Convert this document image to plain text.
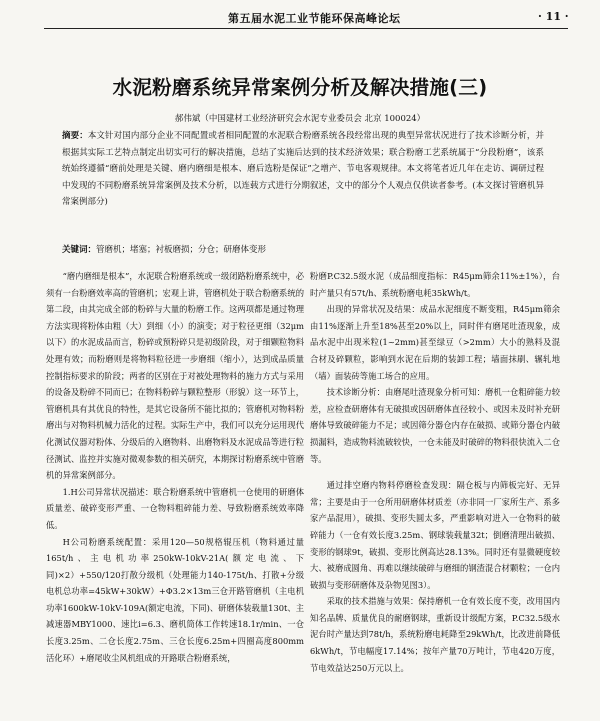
第五届水泥工业节能环保高峰论坛	· 11 ·
水泥粉磨系统异常案例分析及解决措施(三)
郝伟斌（中国建材工业经济研究会水泥专业委员会 北京 100024）
摘要：本文针对国内部分企业不同配置或者相同配置的水泥联合粉磨系统各段经常出现的典型异常状况进行了技术诊断分析，并根据其实际工艺特点制定出切实可行的解决措施，总结了实施后达到的技术经济效果；联合粉磨工艺系统属于“分段粉磨”，该系统始终遵循“磨前处理是关键、磨内磨细是根本、磨后选粉是保证”之增产、节电客观规律。本文将笔者近几年在走访、调研过程中发现的不同粉磨系统异常案例及技术分析，以连载方式进行分期叙述，文中的部分个人观点仅供读者参考。(本文探讨管磨机异常案例部分)
关键词：管磨机；堵塞；衬板磨损；分仓；研磨体变形

“磨内磨细是根本”，水泥联合粉磨系统或一级闭路粉磨系统中，必须有一台粉磨效率高的管磨机；宏观上讲，管磨机处于联合粉磨系统的第二段，由其完成全部的粉碎与大量的粉磨工作。这两项都是通过物理方法实现将粉体由粗（大）到细（小）的演变；对于粒径更细（32μm以下）的水泥成品而言，粉碎或预粉碎只是初级阶段，对于细颗粒物料处理有效；而粉磨则是将物料粒径进一步磨细（缩小），达到成品质量控制指标要求的阶段；两者的区别在于对被处理物料的施力方式与采用的设备及粉碎不同而已；在物料粉碎与颗粒整形（形貌）这一环节上，管磨机具有其优良的特性，是其它设备所不能比拟的；管磨机对物料粉磨出与对物料机械力活化的过程。实际生产中，我们可以充分运用现代化测试仪器对粉体、分级后的入磨物料、出磨物料及水泥成品等进行粒径测试、监控并实施对微观参数的相关研究，本期探讨粉磨系统中管磨机的异常案例部分。

1.H公司异常状况描述：联合粉磨系统中管磨机一仓使用的研磨体质量差、破碎变形严重、一仓物料粗碎能力差、导致粉磨系统效率降低。

H公司粉磨系统配置：采用120—50规格辊压机（物料通过量165t/h、主电机功率250kW-10kV-21A(额定电流、下同)×2）+550/120打散分级机（处理能力140-175t/h、打散+分级电机总功率=45kW+30kW）+Φ3.2×13m三仓开路管磨机（主电机功率1600kW-10kV-109A(额定电流，下同)、研磨体装载量130t、主减速器MBY1000、速比i=6.3、磨机筒体工作转速18.1r/min、一仓长度3.25m、二仓长度2.75m、三仓长度6.25m+四圈高度800mm活化环）+磨尾收尘风机组成的开路联合粉磨系统，

粉磨P.C32.5级水泥（成品细度指标：R45μm筛余11%±1%），台时产量只有57t/h、系统粉磨电耗35kWh/t。

出现的异常状况及结果：成品水泥细度不断变粗，R45μm筛余由11%逐渐上升至18%甚至20%以上，同时伴有磨尾吐渣现象，成品水泥中出现米粒(1~2mm)甚至绿豆（>2mm）大小的熟料及混合材及碎颗粒，影响到水泥在后期的装卸工程；墙面抹刷、辗轧地（墙）面装砖等施工场合的应用。

技术诊断分析：由磨尾吐渣现象分析可知：磨机一仓粗碎能力较差，应检查研磨体有无破损或因研磨体直径较小、或因未及时补充研磨体导致破碎能力不足；或因筛分器仓内存在破损、或筛分器仓内破损漏料，造成物料流破较快，一仓未能及时破碎的物料很快流入二仓等。

通过排空磨内物料停磨检查发现：隔仓板与内筛板完好、无异常；主要是由于一仓所用研磨体材质差（亦非同一厂家所生产、系多家产品混用），破损、变形失圆太多，严重影响对进入一仓物料的破碎能力（一仓有效长度3.25m、钢球装载量32t；倒磨清理出破损、变形的钢球9t，破损、变形比例高达28.13%。同时还有显微硬度较大、被磨成圆角、再难以继续破碎与磨细的钢渣混合材颗粒；一仓内破损与变形研磨体及杂物见图3）。

采取的技术措施与效果：保持磨机一仓有效长度不变，改用国内知名品牌、质量优良的耐磨钢球，重新设计级配方案，P.C32.5级水泥台时产量达到78t/h，系统粉磨电耗降至29kWh/t，比改进前降低6kWh/t，节电幅度17.14%；按年产量70万吨计，节电420万度，节电效益达250万元以上。
